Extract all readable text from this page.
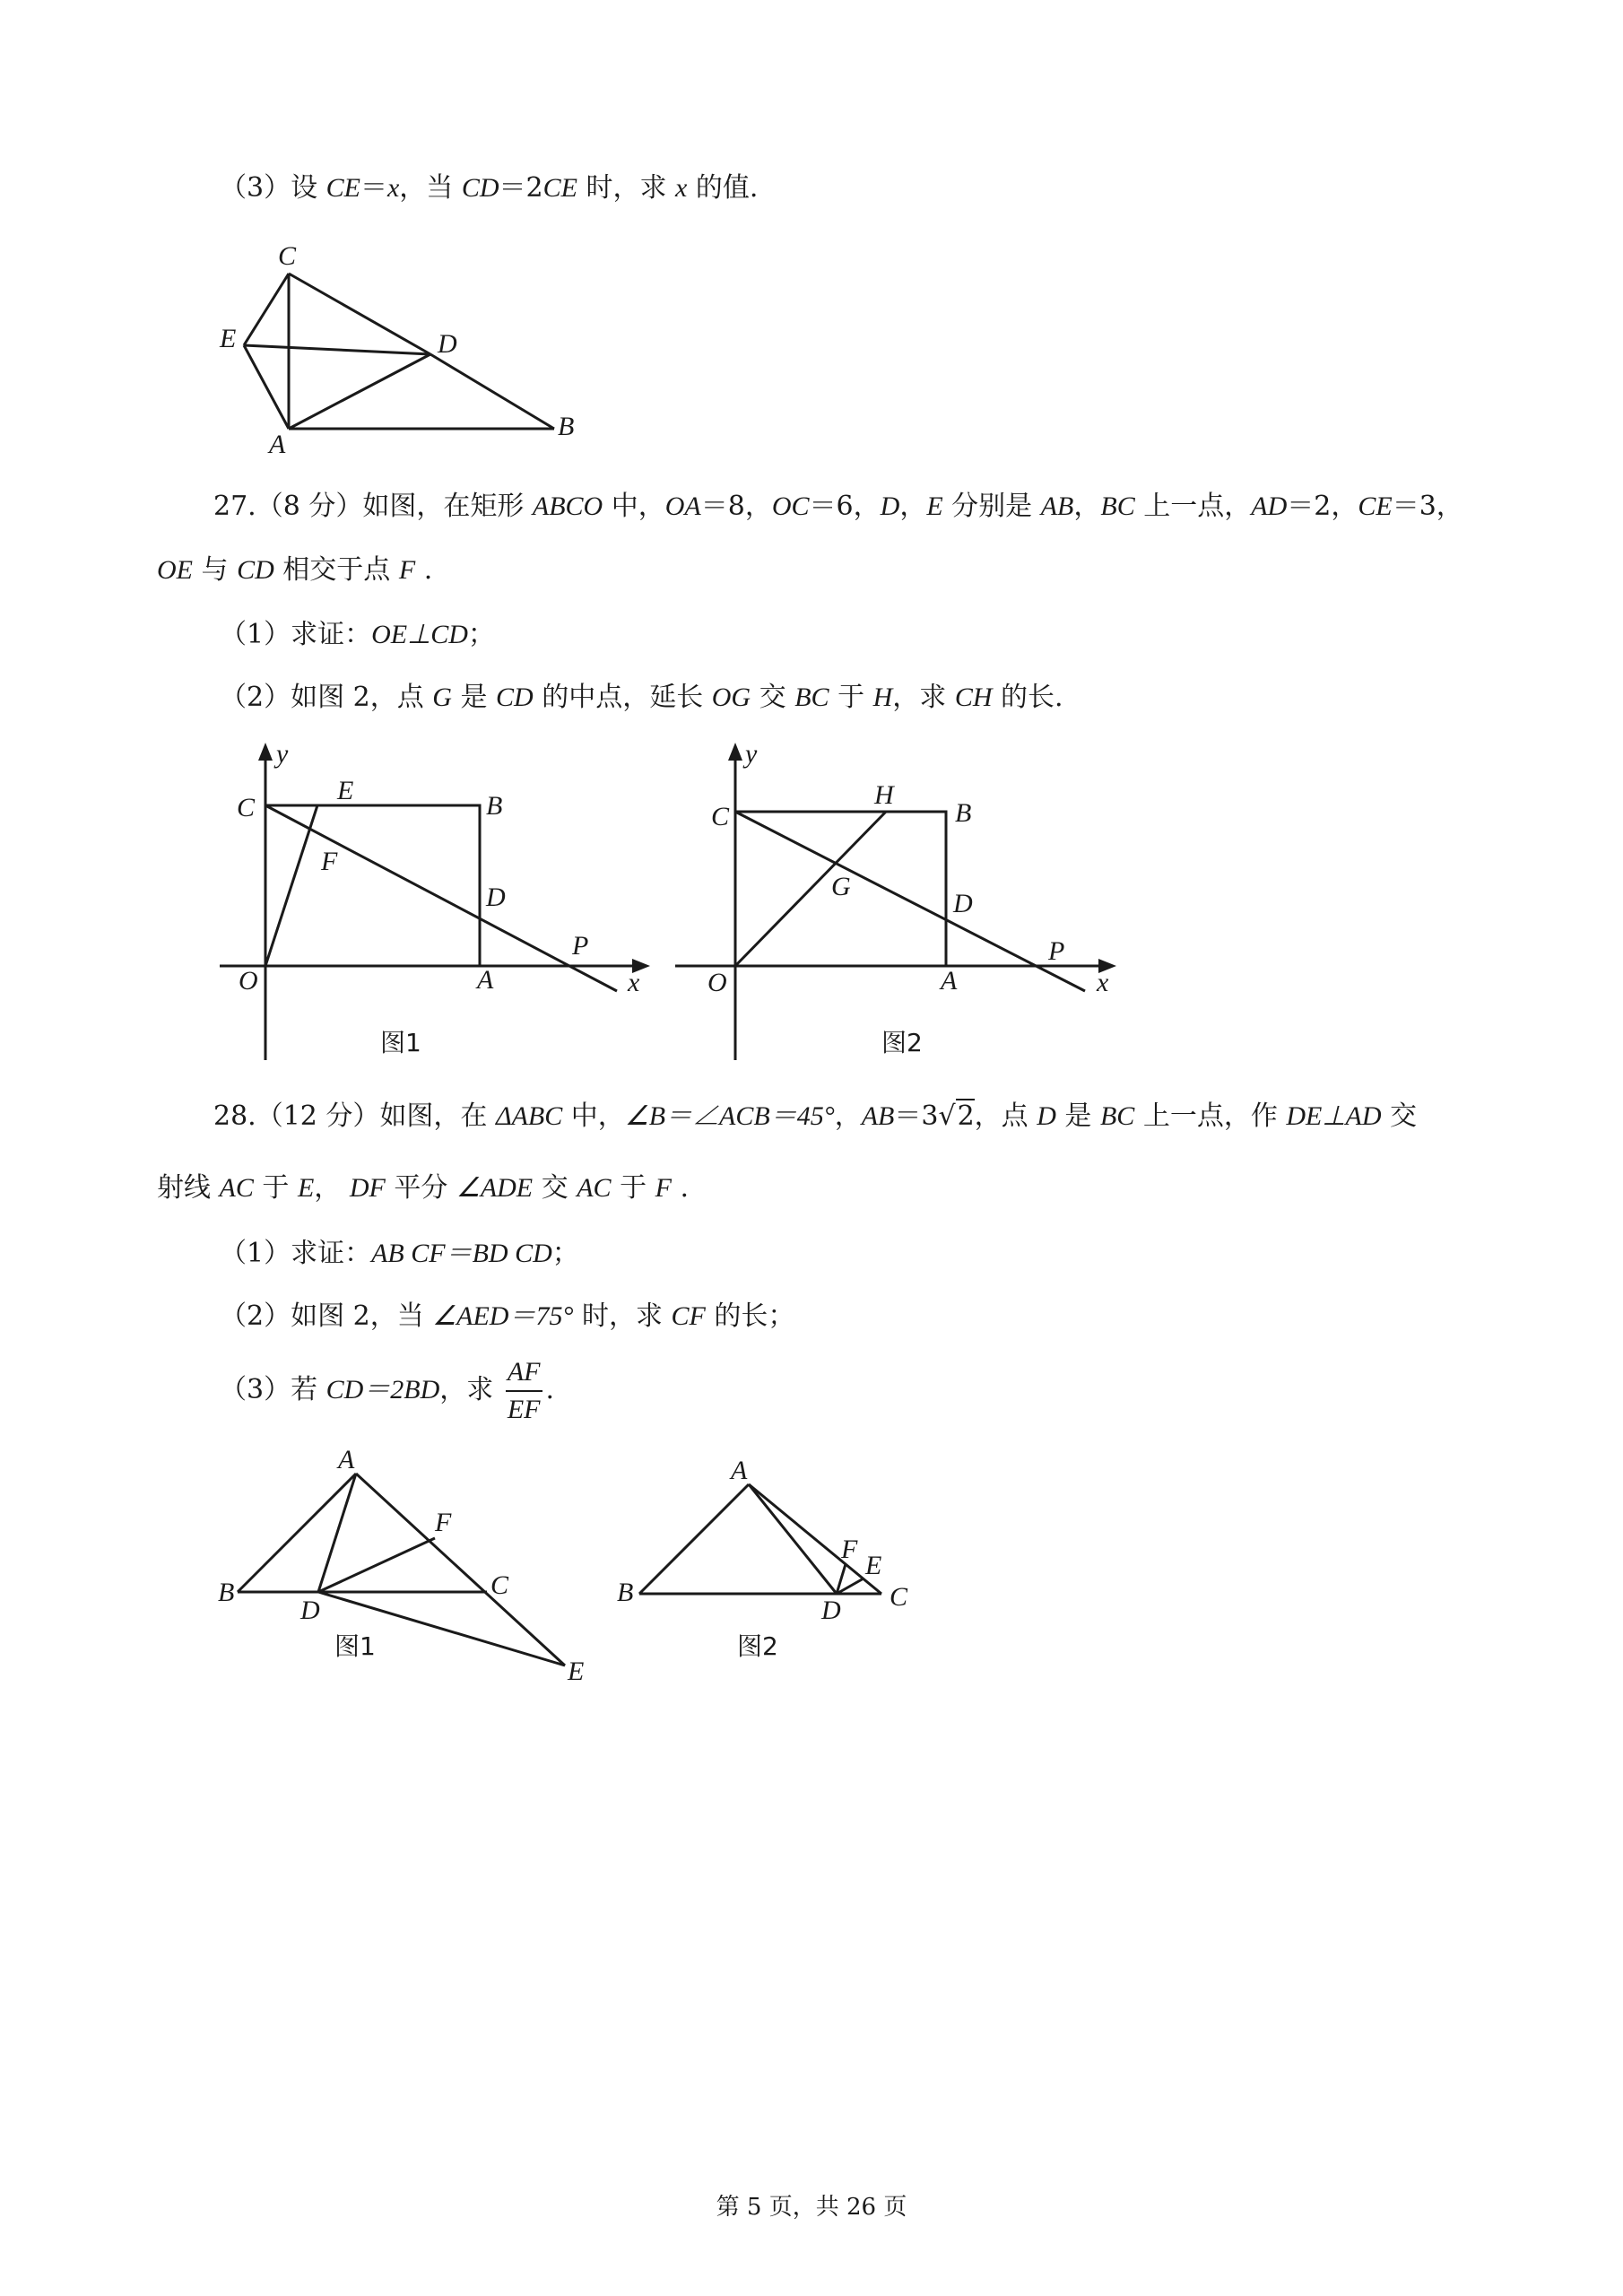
（3）设 CE＝x，当 CD＝2CE 时，求 x 的值.
C
E	D
A
B
27.（8 分）如图，在矩形 ABCO 中，OA＝8，OC＝6，D，E 分别是 AB，BC 上一点，AD＝2，CE＝3，
OE 与 CD 相交于点 F .
（1）求证：OE⊥CD；
（2）如图 2，点 G 是 CD 的中点，延长 OG 交 BC 于 H，求 CH 的长.
y
C
E
B
F
D
P
O	A	x
图1
y
H
C	B
G
D
P
O	A	x
图2
28.（12 分）如图，在 ΔABC 中，∠B＝∠ACB＝45°，AB＝3√2，点 D 是 BC 上一点，作 DE⊥AD 交
射线 AC 于 E， DF 平分 ∠ADE 交 AC 于 F .
（1）求证：AB CF＝BD CD；
（2）如图 2，当 ∠AED＝75° 时，求 CF 的长；
（3）若 CD＝2BD，求 $\frac{AF}{EF}$ .
A
F
B
D
C
E
图1
A
F
E
B
D C
图2
第 5 页，共 26 页
